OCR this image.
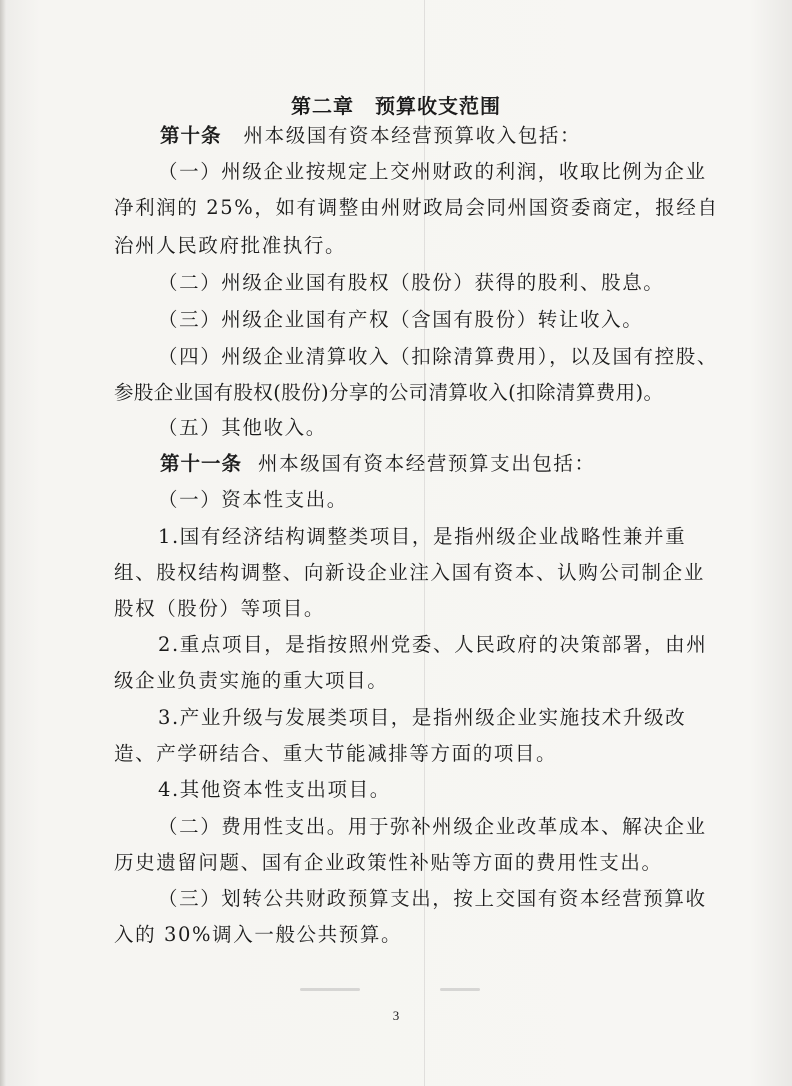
第二章　预算收支范围
第十条 州本级国有资本经营预算收入包括：
（一）州级企业按规定上交州财政的利润，收取比例为企业
净利润的 25%，如有调整由州财政局会同州国资委商定，报经自
治州人民政府批准执行。
（二）州级企业国有股权（股份）获得的股利、股息。
（三）州级企业国有产权（含国有股份）转让收入。
（四）州级企业清算收入（扣除清算费用），以及国有控股、
参股企业国有股权(股份)分享的公司清算收入(扣除清算费用)。
（五）其他收入。
第十一条 州本级国有资本经营预算支出包括：
（一）资本性支出。
1.国有经济结构调整类项目，是指州级企业战略性兼并重
组、股权结构调整、向新设企业注入国有资本、认购公司制企业
股权（股份）等项目。
2.重点项目，是指按照州党委、人民政府的决策部署，由州
级企业负责实施的重大项目。
3.产业升级与发展类项目，是指州级企业实施技术升级改
造、产学研结合、重大节能减排等方面的项目。
4.其他资本性支出项目。
（二）费用性支出。用于弥补州级企业改革成本、解决企业
历史遗留问题、国有企业政策性补贴等方面的费用性支出。
（三）划转公共财政预算支出，按上交国有资本经营预算收
入的 30%调入一般公共预算。
3
